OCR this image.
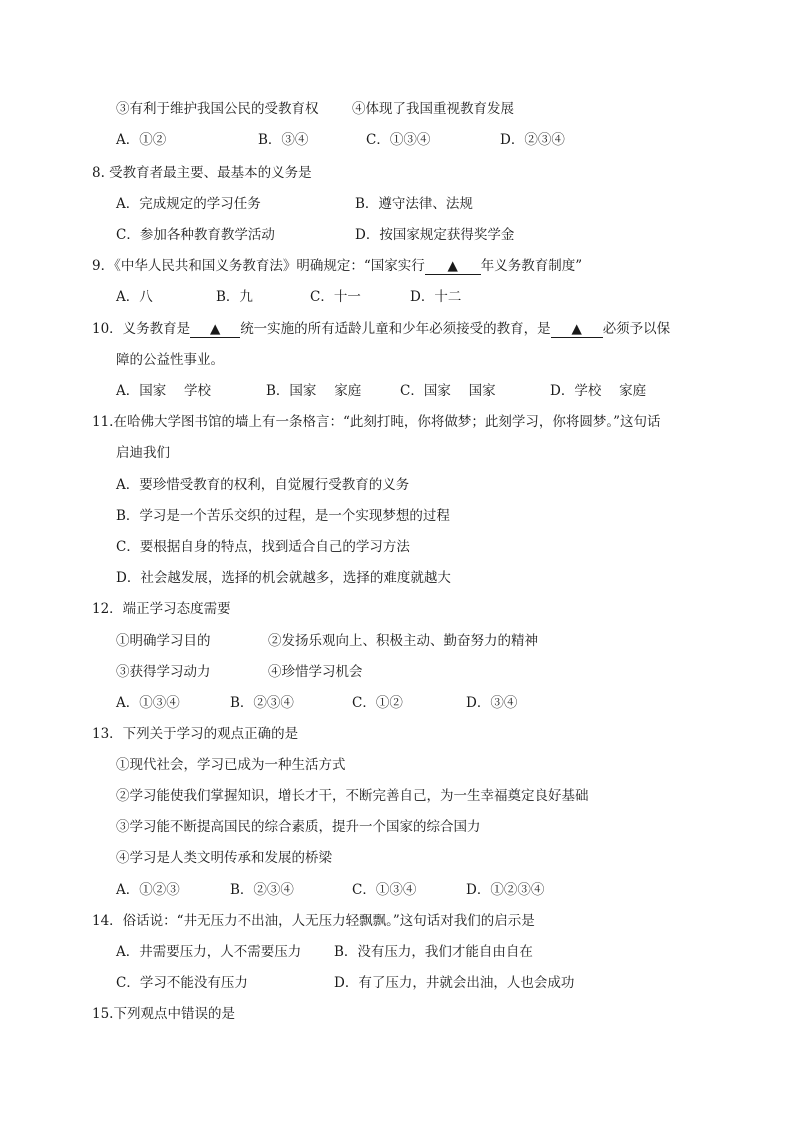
③有利于维护我国公民的受教育权 ④体现了我国重视教育发展
A．①②	B．③④	C．①③④	D．②③④
8. 受教育者最主要、最基本的义务是
A．完成规定的学习任务	B．遵守法律、法规
C．参加各种教育教学活动	D．按国家规定获得奖学金
9．《中华人民共和国义务教育法》明确规定：“国家实行 ▲ 年义务教育制度”
A．八	B．九	C．十一	D．十二
10．义务教育是 ▲ 统一实施的所有适龄儿童和少年必须接受的教育，是 ▲ 必须予以保
障的公益性事业。
A．国家　 学校	B．国家　 家庭	C．国家　 国家	D．学校　 家庭
11.在哈佛大学图书馆的墙上有一条格言：“此刻打盹，你将做梦；此刻学习，你将圆梦。”这句话
启迪我们
A．要珍惜受教育的权利，自觉履行受教育的义务
B．学习是一个苦乐交织的过程，是一个实现梦想的过程
C．要根据自身的特点，找到适合自己的学习方法
D．社会越发展，选择的机会就越多，选择的难度就越大
12．端正学习态度需要
①明确学习目的	②发扬乐观向上、积极主动、勤奋努力的精神
③获得学习动力	④珍惜学习机会
A．①③④	B．②③④	C．①②	D．③④
13．下列关于学习的观点正确的是
①现代社会，学习已成为一种生活方式
②学习能使我们掌握知识，增长才干，不断完善自己，为一生幸福奠定良好基础
③学习能不断提高国民的综合素质，提升一个国家的综合国力
④学习是人类文明传承和发展的桥梁
A．①②③	B．②③④	C．①③④	D．①②③④
14．俗话说：“井无压力不出油，人无压力轻飘飘。”这句话对我们的启示是
A．井需要压力，人不需要压力 B．没有压力，我们才能自由自在
C．学习不能没有压力	D．有了压力，井就会出油，人也会成功
15.下列观点中错误的是
